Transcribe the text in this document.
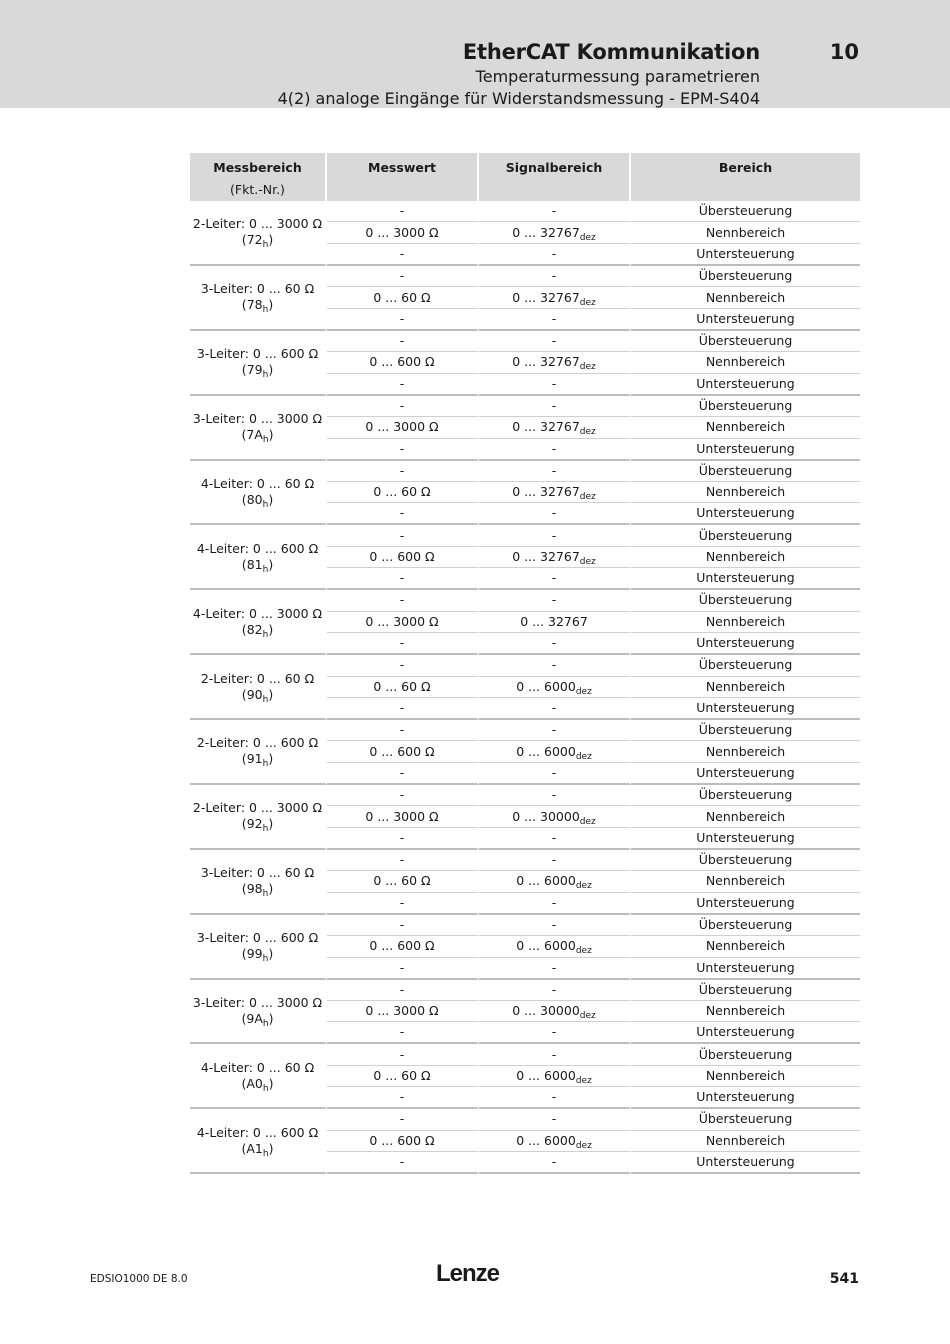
EtherCAT Kommunikation	10
Temperaturmessung parametrieren
4(2) analoge Eingänge für Widerstandsmessung - EPM-S404
Messbereich
(Fkt.-Nr.)	Messwert	Signalbereich	Bereich
2-Leiter: 0 ... 3000 Ω
$(72_h)$	-	-	Übersteuerung
	0 ... 3000 Ω	0 ... $32767_{dez}$	Nennbereich
	-	-	Untersteuerung
3-Leiter: 0 ... 60 Ω
$(78_h)$	-	-	Übersteuerung
	0 ... 60 Ω	0 ... $32767_{dez}$	Nennbereich
	-	-	Untersteuerung
3-Leiter: 0 ... 600 Ω
$(79_h)$	-	-	Übersteuerung
	0 ... 600 Ω	0 ... $32767_{dez}$	Nennbereich
	-	-	Untersteuerung
3-Leiter: 0 ... 3000 Ω
$(7A_h)$	-	-	Übersteuerung
	0 ... 3000 Ω	0 ... $32767_{dez}$	Nennbereich
	-	-	Untersteuerung
4-Leiter: 0 ... 60 Ω
$(80_h)$	-	-	Übersteuerung
	0 ... 60 Ω	0 ... $32767_{dez}$	Nennbereich
	-	-	Untersteuerung
4-Leiter: 0 ... 600 Ω
$(81_h)$	-	-	Übersteuerung
	0 ... 600 Ω	0 ... $32767_{dez}$	Nennbereich
	-	-	Untersteuerung
4-Leiter: 0 ... 3000 Ω
$(82_h)$	-	-	Übersteuerung
	0 ... 3000 Ω	0 ... 32767	Nennbereich
	-	-	Untersteuerung
2-Leiter: 0 ... 60 Ω
$(90_h)$	-	-	Übersteuerung
	0 ... 60 Ω	0 ... $6000_{dez}$	Nennbereich
	-	-	Untersteuerung
2-Leiter: 0 ... 600 Ω
$(91_h)$	-	-	Übersteuerung
	0 ... 600 Ω	0 ... $6000_{dez}$	Nennbereich
	-	-	Untersteuerung
2-Leiter: 0 ... 3000 Ω
$(92_h)$	-	-	Übersteuerung
	0 ... 3000 Ω	0 ... $30000_{dez}$	Nennbereich
	-	-	Untersteuerung
3-Leiter: 0 ... 60 Ω
$(98_h)$	-	-	Übersteuerung
	0 ... 60 Ω	0 ... $6000_{dez}$	Nennbereich
	-	-	Untersteuerung
3-Leiter: 0 ... 600 Ω
$(99_h)$	-	-	Übersteuerung
	0 ... 600 Ω	0 ... $6000_{dez}$	Nennbereich
	-	-	Untersteuerung
3-Leiter: 0 ... 3000 Ω
$(9A_h)$	-	-	Übersteuerung
	0 ... 3000 Ω	0 ... $30000_{dez}$	Nennbereich
	-	-	Untersteuerung
4-Leiter: 0 ... 60 Ω
$(A0_h)$	-	-	Übersteuerung
	0 ... 60 Ω	0 ... $6000_{dez}$	Nennbereich
	-	-	Untersteuerung
4-Leiter: 0 ... 600 Ω
$(A1_h)$	-	-	Übersteuerung
	0 ... 600 Ω	0 ... $6000_{dez}$	Nennbereich
	-	-	Untersteuerung
EDSIO1000 DE 8.0	Lenze	541
